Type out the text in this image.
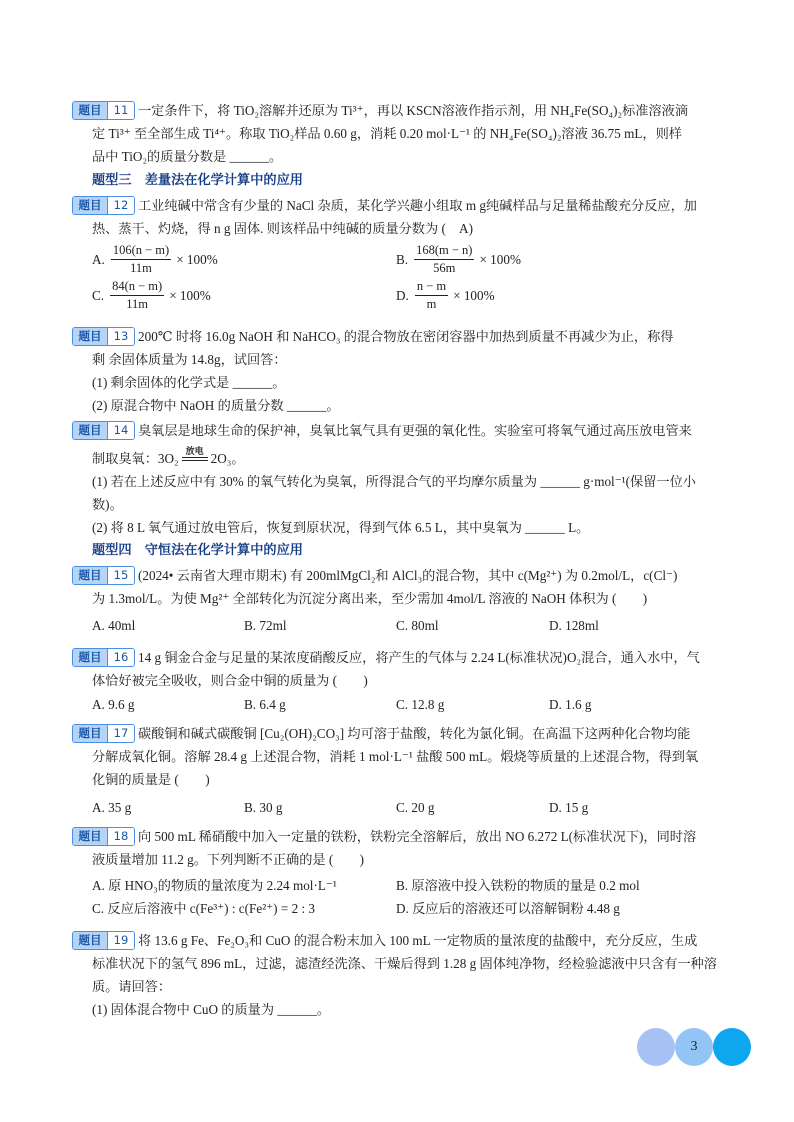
题目	11 一定条件下，将 TiO₂溶解并还原为 Ti³⁺，再以 KSCN溶液作指示剂，用 NH₄Fe(SO₄)₂标准溶液滴
定 Ti³⁺ 至全部生成 Ti⁴⁺。称取 TiO₂样品 0.60 g，消耗 0.20 mol·L⁻¹ 的 NH₄Fe(SO₄)₂溶液 36.75 mL，则样
品中 TiO₂的质量分数是 ______。
题型三　差量法在化学计算中的应用
题目	12 工业纯碱中常含有少量的 NaCl 杂质，某化学兴趣小组取 m g纯碱样品与足量稀盐酸充分反应，加
热、蒸干、灼烧，得 n g 固体. 则该样品中纯碱的质量分数为 (　A)
A. $\frac{106(n - m)}{11m} \times 100\%$	B. $\frac{168(m - n)}{56m} \times 100\%$
C. $\frac{84(n - m)}{11m} \times 100\%$	D. $\frac{n - m}{m} \times 100\%$
题目	13 200℃ 时将 16.0g NaOH 和 NaHCO₃ 的混合物放在密闭容器中加热到质量不再减少为止，称得
剩 余固体质量为 14.8g，试回答：
(1) 剩余固体的化学式是 ______。
(2) 原混合物中 NaOH 的质量分数 ______。
题目	14 臭氧层是地球生命的保护神，臭氧比氧气具有更强的氧化性。实验室可将氧气通过高压放电管来
制取臭氧：3O₂ 放电 2O₃。
(1) 若在上述反应中有 30% 的氧气转化为臭氧，所得混合气的平均摩尔质量为 ______ g·mol⁻¹(保留一位小
数)。
(2) 将 8 L 氧气通过放电管后，恢复到原状况，得到气体 6.5 L，其中臭氧为 ______ L。
题型四　守恒法在化学计算中的应用
题目	15 (2024• 云南省大理市期末) 有 200mlMgCl₂和 AlCl₃的混合物，其中 c(Mg²⁺) 为 0.2mol/L，c(Cl⁻)
为 1.3mol/L。为使 Mg²⁺ 全部转化为沉淀分离出来，至少需加 4mol/L 溶液的 NaOH 体积为 (　　)
A. 40ml	B. 72ml	C. 80ml	D. 128ml
题目	16 14 g 铜金合金与足量的某浓度硝酸反应，将产生的气体与 2.24 L(标准状况)O₂混合，通入水中，气
体恰好被完全吸收，则合金中铜的质量为 (　　)
A. 9.6 g	B. 6.4 g	C. 12.8 g	D. 1.6 g
题目	17 碳酸铜和碱式碳酸铜 [Cu₂(OH)₂CO₃] 均可溶于盐酸，转化为氯化铜。在高温下这两种化合物均能
分解成氧化铜。溶解 28.4 g 上述混合物，消耗 1 mol·L⁻¹ 盐酸 500 mL。煅烧等质量的上述混合物，得到氧
化铜的质量是 (　　)
A. 35 g	B. 30 g	C. 20 g	D. 15 g
题目	18 向 500 mL 稀硝酸中加入一定量的铁粉，铁粉完全溶解后，放出 NO 6.272 L(标准状况下)，同时溶
液质量增加 11.2 g。下列判断不正确的是 (　　)
A. 原 HNO₃的物质的量浓度为 2.24 mol·L⁻¹	B. 原溶液中投入铁粉的物质的量是 0.2 mol
C. 反应后溶液中 c(Fe³⁺) : c(Fe²⁺) = 2 : 3	D. 反应后的溶液还可以溶解铜粉 4.48 g
题目	19 将 13.6 g Fe、Fe₂O₃和 CuO 的混合粉末加入 100 mL 一定物质的量浓度的盐酸中，充分反应，生成
标准状况下的氢气 896 mL，过滤，滤渣经洗涤、干燥后得到 1.28 g 固体纯净物，经检验滤液中只含有一种溶
质。请回答：
(1) 固体混合物中 CuO 的质量为 ______。
3
